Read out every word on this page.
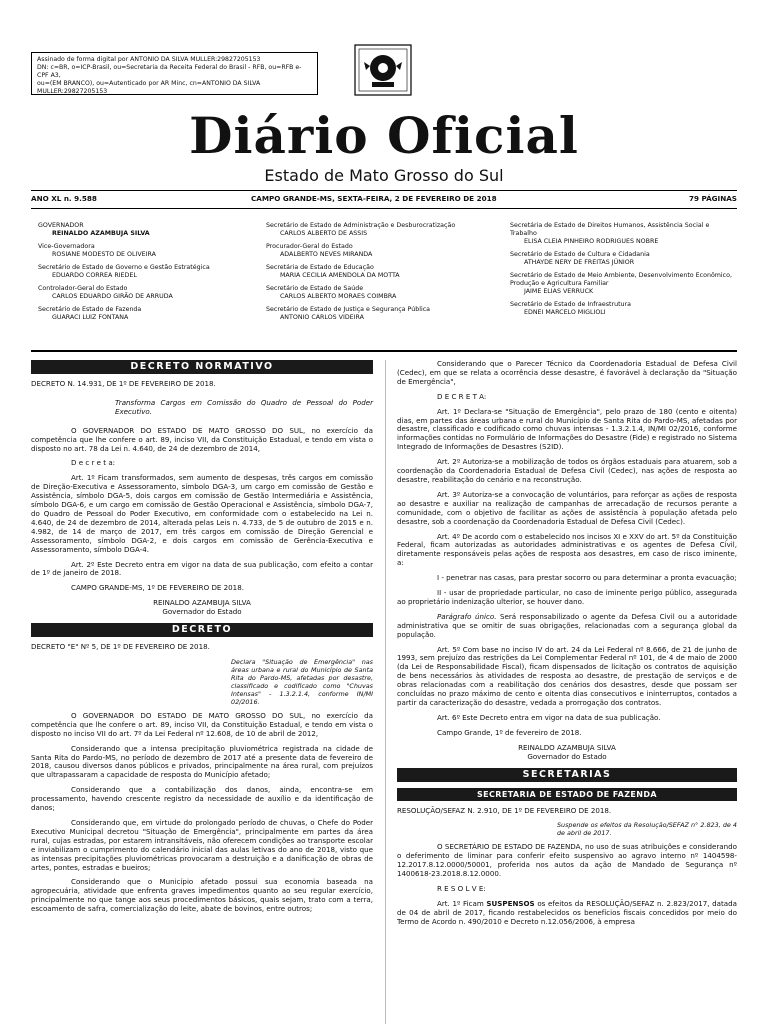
Assinado de forma digital por ANTONIO DA SILVA MULLER:29827205153
DN: c=BR, o=ICP-Brasil, ou=Secretaria da Receita Federal do Brasil - RFB, ou=RFB e-CPF A3,
ou=(EM BRANCO), ou=Autenticado por AR Minc, cn=ANTONIO DA SILVA
MULLER:29827205153
Diário Oficial
Estado de Mato Grosso do Sul
ANO XL n. 9.588	CAMPO GRANDE-MS, SEXTA-FEIRA, 2 DE FEVEREIRO DE 2018	79 PÁGINAS
GOVERNADOR
REINALDO AZAMBUJA SILVA
Vice-Governadora
ROSIANE MODESTO DE OLIVEIRA
Secretário de Estado de Governo e Gestão Estratégica
EDUARDO CORREA RIEDEL
Controlador-Geral do Estado
CARLOS EDUARDO GIRÃO DE ARRUDA
Secretário de Estado de Fazenda
GUARACI LUIZ FONTANA
Secretário de Estado de Administração e Desburocratização
CARLOS ALBERTO DE ASSIS
Procurador-Geral do Estado
ADALBERTO NEVES MIRANDA
Secretária de Estado de Educação
MARIA CECILIA AMENDOLA DA MOTTA
Secretário de Estado de Saúde
CARLOS ALBERTO MORAES COIMBRA
Secretário de Estado de Justiça e Segurança Pública
ANTONIO CARLOS VIDEIRA
Secretária de Estado de Direitos Humanos, Assistência Social e Trabalho
ELISA CLEIA PINHEIRO RODRIGUES NOBRE
Secretário de Estado de Cultura e Cidadania
ATHAYDE NERY DE FREITAS JÚNIOR
Secretário de Estado de Meio Ambiente, Desenvolvimento Econômico, Produção e Agricultura Familiar
JAIME ELIAS VERRUCK
Secretário de Estado de Infraestrutura
EDNEI MARCELO MIGLIOLI
DECRETO NORMATIVO

DECRETO N. 14.931, DE 1º DE FEVEREIRO DE 2018.

Transforma Cargos em Comissão do Quadro de Pessoal do Poder Executivo.

O GOVERNADOR DO ESTADO DE MATO GROSSO DO SUL, no exercício da competência que lhe confere o art. 89, inciso VII, da Constituição Estadual, e tendo em vista o disposto no art. 78 da Lei n. 4.640, de 24 de dezembro de 2014,

D e c r e t a:

Art. 1º Ficam transformados, sem aumento de despesas, três cargos em comissão de Direção-Executiva e Assessoramento, símbolo DGA-3, um cargo em comissão de Gestão e Assistência, símbolo DGA-5, dois cargos em comissão de Gestão Intermediária e Assistência, símbolo DGA-6, e um cargo em comissão de Gestão Operacional e Assistência, símbolo DGA-7, do Quadro de Pessoal do Poder Executivo, em conformidade com o estabelecido na Lei n. 4.640, de 24 de dezembro de 2014, alterada pelas Leis n. 4.733, de 5 de outubro de 2015 e n. 4.982, de 14 de março de 2017, em três cargos em comissão de Direção Gerencial e Assessoramento, símbolo DGA-2, e dois cargos em comissão de Gerência-Executiva e Assessoramento, símbolo DGA-4.

Art. 2º Este Decreto entra em vigor na data de sua publicação, com efeito a contar de 1º de janeiro de 2018.

CAMPO GRANDE-MS, 1º DE FEVEREIRO DE 2018.

REINALDO AZAMBUJA SILVA

Governador do Estado

DECRETO

DECRETO "E" Nº 5, DE 1º DE FEVEREIRO DE 2018.

Declara "Situação de Emergência" nas áreas urbana e rural do Município de Santa Rita do Pardo-MS, afetadas por desastre, classificado e codificado como "Chuvas Intensas" - 1.3.2.1.4, conforme IN/MI 02/2016.

O GOVERNADOR DO ESTADO DE MATO GROSSO DO SUL, no exercício da competência que lhe confere o art. 89, inciso VII, da Constituição Estadual, e tendo em vista o disposto no inciso VII do art. 7º da Lei Federal nº 12.608, de 10 de abril de 2012,

Considerando que a intensa precipitação pluviométrica registrada na cidade de Santa Rita do Pardo-MS, no período de dezembro de 2017 até a presente data de fevereiro de 2018, causou diversos danos públicos e privados, principalmente na área rural, com prejuízos que ultrapassaram a capacidade de resposta do Município afetado;

Considerando que a contabilização dos danos, ainda, encontra-se em processamento, havendo crescente registro da necessidade de auxílio e da identificação de danos;

Considerando que, em virtude do prolongado período de chuvas, o Chefe do Poder Executivo Municipal decretou "Situação de Emergência", principalmente em partes da área rural, cujas estradas, por estarem intransitáveis, não oferecem condições ao transporte escolar e inviabilizam o cumprimento do calendário inicial das aulas letivas do ano de 2018, visto que as intensas precipitações pluviométricas provocaram a destruição e a danificação de obras de artes, pontes, estradas e bueiros;

Considerando que o Município afetado possui sua economia baseada na agropecuária, atividade que enfrenta graves impedimentos quanto ao seu regular exercício, principalmente no que tange aos seus procedimentos básicos, quais sejam, trato com a terra, escoamento de safra, comercialização do leite, abate de bovinos, entre outros;

Considerando que o Parecer Técnico da Coordenadoria Estadual de Defesa Civil (Cedec), em que se relata a ocorrência desse desastre, é favorável à declaração da "Situação de Emergência",

D E C R E T A:

Art. 1º Declara-se "Situação de Emergência", pelo prazo de 180 (cento e oitenta) dias, em partes das áreas urbana e rural do Município de Santa Rita do Pardo-MS, afetadas por desastre, classificado e codificado como chuvas intensas - 1.3.2.1.4, IN/MI 02/2016, conforme informações contidas no Formulário de Informações do Desastre (Fide) e registrado no Sistema Integrado de Informações de Desastres (S2ID).

Art. 2º Autoriza-se a mobilização de todos os órgãos estaduais para atuarem, sob a coordenação da Coordenadoria Estadual de Defesa Civil (Cedec), nas ações de resposta ao desastre, reabilitação do cenário e na reconstrução.

Art. 3º Autoriza-se a convocação de voluntários, para reforçar as ações de resposta ao desastre e auxiliar na realização de campanhas de arrecadação de recursos perante a comunidade, com o objetivo de facilitar as ações de assistência à população afetada pelo desastre, sob a coordenação da Coordenadoria Estadual de Defesa Civil (Cedec).

Art. 4º De acordo com o estabelecido nos incisos XI e XXV do art. 5º da Constituição Federal, ficam autorizadas as autoridades administrativas e os agentes de Defesa Civil, diretamente responsáveis pelas ações de resposta aos desastres, em caso de risco iminente, a:

I - penetrar nas casas, para prestar socorro ou para determinar a pronta evacuação;

II - usar de propriedade particular, no caso de iminente perigo público, assegurada ao proprietário indenização ulterior, se houver dano.

Parágrafo único. Será responsabilizado o agente da Defesa Civil ou a autoridade administrativa que se omitir de suas obrigações, relacionadas com a segurança global da população.

Art. 5º Com base no inciso IV do art. 24 da Lei Federal nº 8.666, de 21 de junho de 1993, sem prejuízo das restrições da Lei Complementar Federal nº 101, de 4 de maio de 2000 (da Lei de Responsabilidade Fiscal), ficam dispensados de licitação os contratos de aquisição de bens necessários às atividades de resposta ao desastre, de prestação de serviços e de obras relacionadas com a reabilitação dos cenários dos desastres, desde que possam ser concluídas no prazo máximo de cento e oitenta dias consecutivos e ininterruptos, contados a partir da caracterização do desastre, vedada a prorrogação dos contratos.

Art. 6º Este Decreto entra em vigor na data de sua publicação.

Campo Grande, 1º de fevereiro de 2018.

REINALDO AZAMBUJA SILVA

Governador do Estado

SECRETARIAS
SECRETARIA DE ESTADO DE FAZENDA

RESOLUÇÃO/SEFAZ N. 2.910, DE 1º DE FEVEREIRO DE 2018.

Suspende os efeitos da Resolução/SEFAZ n° 2.823, de 4 de abril de 2017.

O SECRETÁRIO DE ESTADO DE FAZENDA, no uso de suas atribuições e considerando o deferimento de liminar para conferir efeito suspensivo ao agravo interno nº 1404598-12.2017.8.12.0000/50001, proferida nos autos da ação de Mandado de Segurança nº 1400618-23.2018.8.12.0000.

R E S O L V E:

Art. 1º Ficam SUSPENSOS os efeitos da RESOLUÇÃO/SEFAZ n. 2.823/2017, datada de 04 de abril de 2017, ficando restabelecidos os benefícios fiscais concedidos por meio do Termo de Acordo n. 490/2010 e Decreto n.12.056/2006, à empresa
